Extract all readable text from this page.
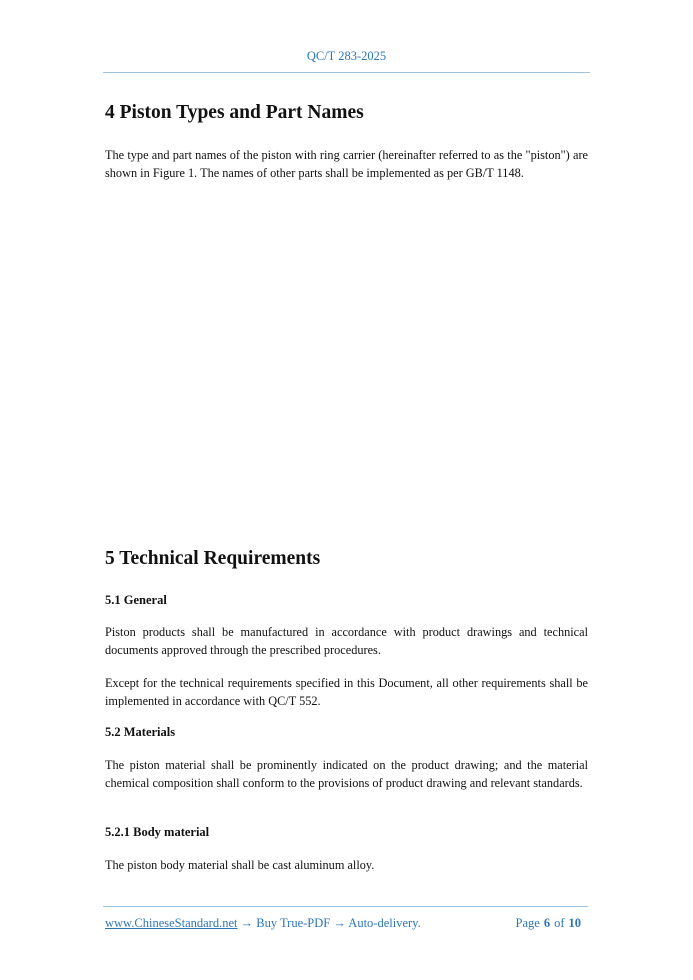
QC/T 283-2025
4 Piston Types and Part Names
The type and part names of the piston with ring carrier (hereinafter referred to as the "piston") are shown in Figure 1. The names of other parts shall be implemented as per GB/T 1148.
5 Technical Requirements
5.1 General
Piston products shall be manufactured in accordance with product drawings and technical documents approved through the prescribed procedures.
Except for the technical requirements specified in this Document, all other requirements shall be implemented in accordance with QC/T 552.
5.2 Materials
The piston material shall be prominently indicated on the product drawing; and the material chemical composition shall conform to the provisions of product drawing and relevant standards.
5.2.1 Body material
The piston body material shall be cast aluminum alloy.
www.ChineseStandard.net → Buy True-PDF → Auto-delivery.	Page 6 of 10
